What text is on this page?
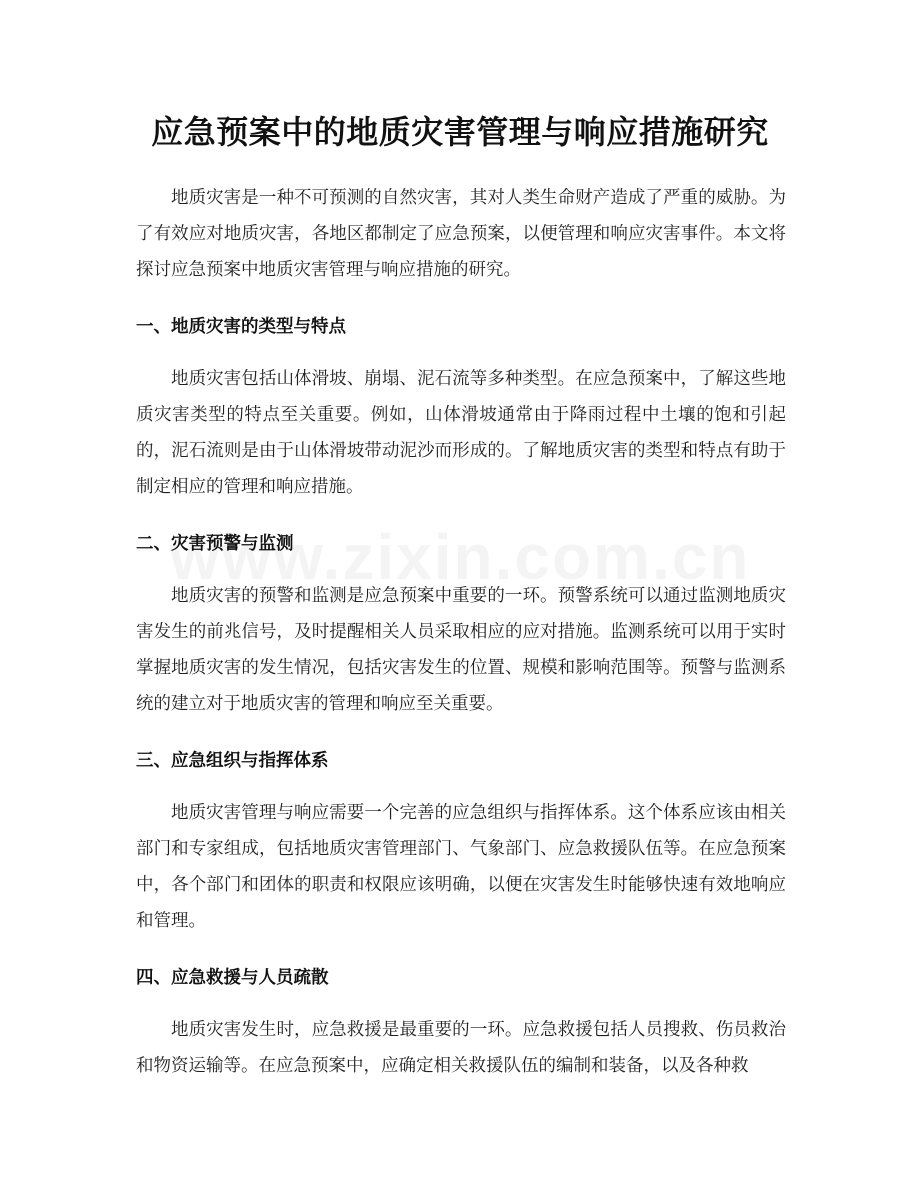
应急预案中的地质灾害管理与响应措施研究

地质灾害是一种不可预测的自然灾害，其对人类生命财产造成了严重的威胁。为了有效应对地质灾害，各地区都制定了应急预案，以便管理和响应灾害事件。本文将探讨应急预案中地质灾害管理与响应措施的研究。

一、地质灾害的类型与特点

地质灾害包括山体滑坡、崩塌、泥石流等多种类型。在应急预案中，了解这些地质灾害类型的特点至关重要。例如，山体滑坡通常由于降雨过程中土壤的饱和引起的，泥石流则是由于山体滑坡带动泥沙而形成的。了解地质灾害的类型和特点有助于制定相应的管理和响应措施。

二、灾害预警与监测

地质灾害的预警和监测是应急预案中重要的一环。预警系统可以通过监测地质灾害发生的前兆信号，及时提醒相关人员采取相应的应对措施。监测系统可以用于实时掌握地质灾害的发生情况，包括灾害发生的位置、规模和影响范围等。预警与监测系统的建立对于地质灾害的管理和响应至关重要。

三、应急组织与指挥体系

地质灾害管理与响应需要一个完善的应急组织与指挥体系。这个体系应该由相关部门和专家组成，包括地质灾害管理部门、气象部门、应急救援队伍等。在应急预案中，各个部门和团体的职责和权限应该明确，以便在灾害发生时能够快速有效地响应和管理。

四、应急救援与人员疏散

地质灾害发生时，应急救援是最重要的一环。应急救援包括人员搜救、伤员救治和物资运输等。在应急预案中，应确定相关救援队伍的编制和装备，以及各种救
